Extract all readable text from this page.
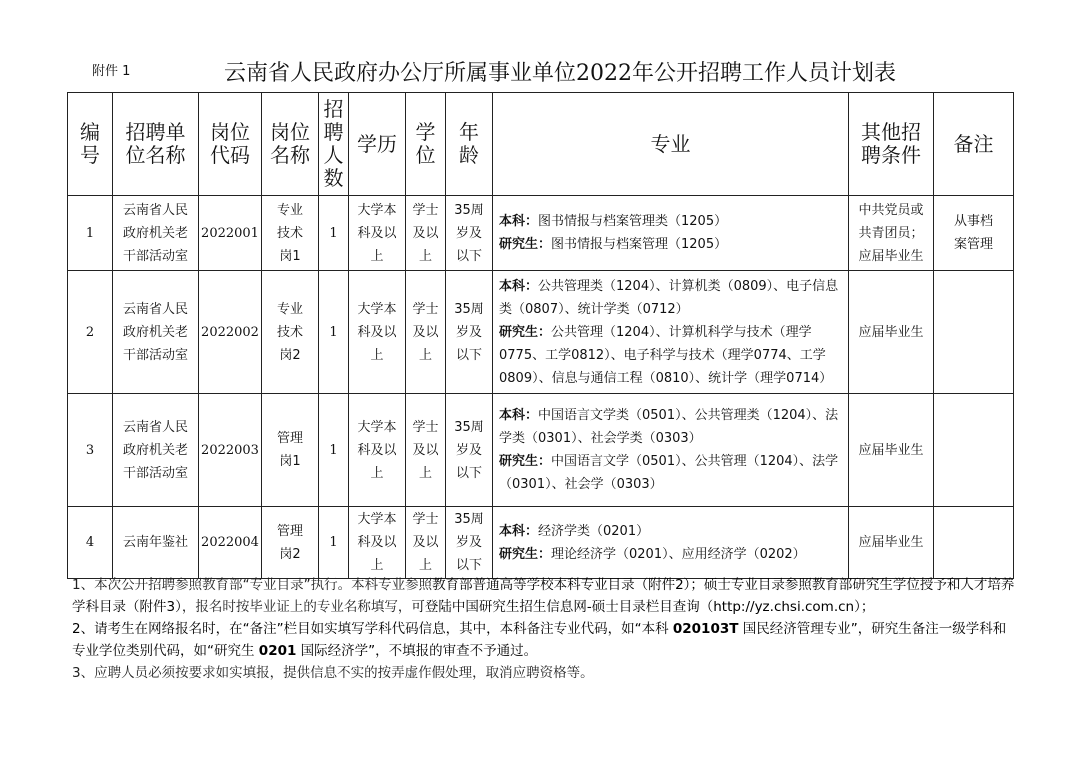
附件 1	云南省人民政府办公厅所属事业单位2022年公开招聘工作人员计划表
编号	招聘单位名称	岗位代码	岗位名称	招聘人数	学历	学位	年龄	专业	其他招聘条件	备注

1	云南省人民政府机关老干部活动室	2022001	专业技术岗1	1	大学本科及以上	学士及以上	35周岁及以下	本科：图书情报与档案管理类（1205）
研究生：图书情报与档案管理（1205）	中共党员或共青团员；应届毕业生	从事档案管理

2	云南省人民政府机关老干部活动室	2022002	专业技术岗2	1	大学本科及以上	学士及以上	35周岁及以下	本科：公共管理类（1204）、计算机类（0809）、电子信息类（0807）、统计学类（0712）
研究生：公共管理（1204）、计算机科学与技术（理学0775、工学0812）、电子科学与技术（理学0774、工学0809）、信息与通信工程（0810）、统计学（理学0714）	应届毕业生	

3	云南省人民政府机关老干部活动室	2022003	管理岗1	1	大学本科及以上	学士及以上	35周岁及以下	本科：中国语言文学类（0501）、公共管理类（1204）、法学类（0301）、社会学类（0303）
研究生：中国语言文学（0501）、公共管理（1204）、法学（0301）、社会学（0303）	应届毕业生	

4	云南年鉴社	2022004	管理岗2	1	大学本科及以上	学士及以上	35周岁及以下	本科：经济学类（0201）
研究生：理论经济学（0201）、应用经济学（0202）	应届毕业生	

1、本次公开招聘参照教育部“专业目录”执行。本科专业参照教育部普通高等学校本科专业目录（附件2）；硕士专业目录参照教育部研究生学位授予和人才培养学科目录（附件3），报名时按毕业证上的专业名称填写，可登陆中国研究生招生信息网-硕士目录栏目查询（http://yz.chsi.com.cn）；

2、请考生在网络报名时，在“备注”栏目如实填写学科代码信息，其中，本科备注专业代码，如“本科 020103T 国民经济管理专业”，研究生备注一级学科和专业学位类别代码，如“研究生 0201 国际经济学”，不填报的审查不予通过。

3、应聘人员必须按要求如实填报，提供信息不实的按弄虚作假处理，取消应聘资格等。
